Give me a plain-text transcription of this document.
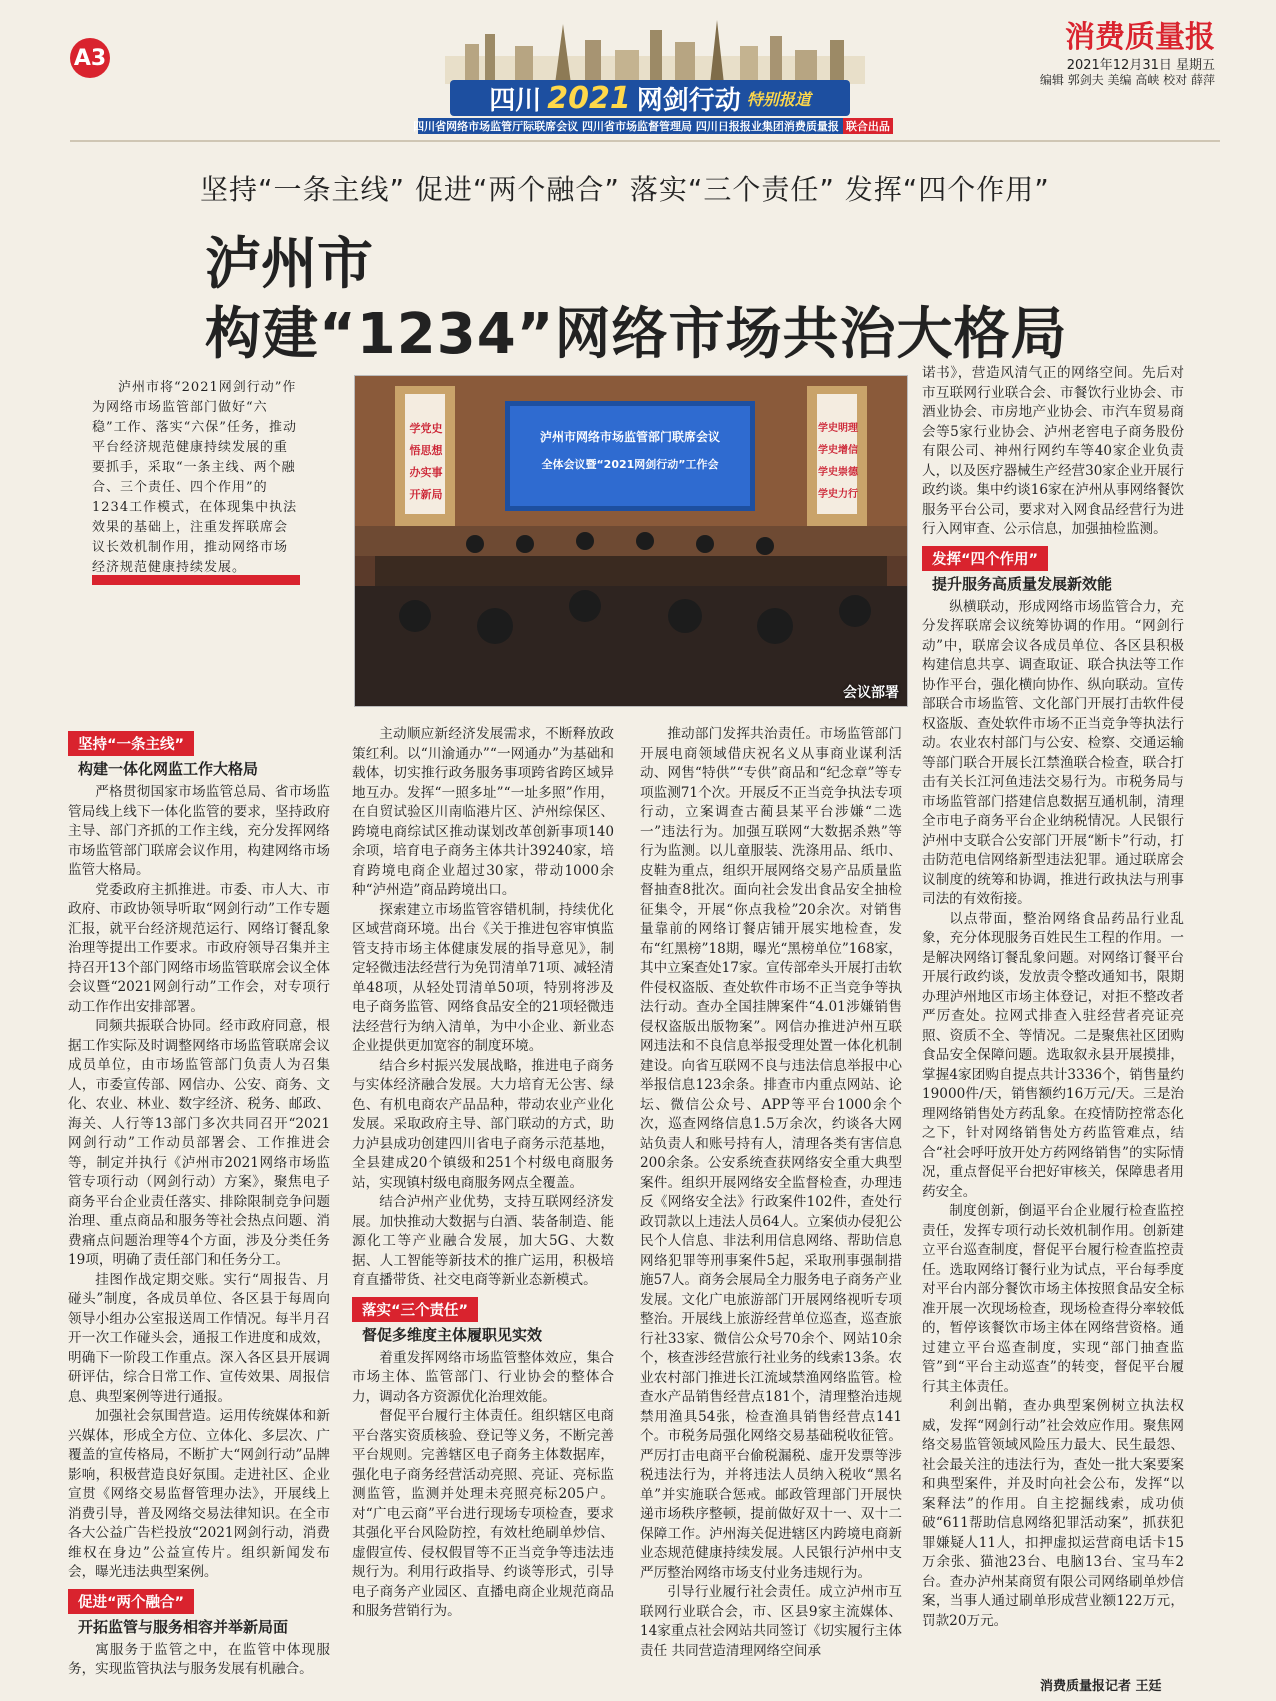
A3
四川 2021 网剑行动 特别报道
四川省网络市场监管厅际联席会议 四川省市场监督管理局 四川日报报业集团消费质量报 联合出品
消费质量报
2021年12月31日 星期五
编辑 郭剑夫 美编 高峡 校对 薛萍
坚持“一条主线” 促进“两个融合” 落实“三个责任” 发挥“四个作用”
泸州市
构建“1234”网络市场共治大格局
泸州市将“2021网剑行动”作为网络市场监管部门做好“六稳”工作、落实“六保”任务，推动平台经济规范健康持续发展的重要抓手，采取“一条主线、两个融合、三个责任、四个作用”的1234工作模式，在体现集中执法效果的基础上，注重发挥联席会议长效机制作用，推动网络市场经济规范健康持续发展。
泸州市网络市场监管部门联席会议
全体会议暨“2021网剑行动”工作会
学党史
悟思想
办实事
开新局
学史明理
学史增信
学史崇德
学史力行
会议部署
坚持“一条主线”
构建一体化网监工作大格局

严格贯彻国家市场监管总局、省市场监管局线上线下一体化监管的要求，坚持政府主导、部门齐抓的工作主线，充分发挥网络市场监管部门联席会议作用，构建网络市场监管大格局。

党委政府主抓推进。市委、市人大、市政府、市政协领导听取“网剑行动”工作专题汇报，就平台经济规范运行、网络订餐乱象治理等提出工作要求。市政府领导召集并主持召开13个部门网络市场监管联席会议全体会议暨“2021网剑行动”工作会，对专项行动工作作出安排部署。

同频共振联合协同。经市政府同意，根据工作实际及时调整网络市场监管联席会议成员单位，由市场监管部门负责人为召集人，市委宣传部、网信办、公安、商务、文化、农业、林业、数字经济、税务、邮政、海关、人行等13部门多次共同召开“2021网剑行动”工作动员部署会、工作推进会等，制定并执行《泸州市2021网络市场监管专项行动（网剑行动）方案》，聚焦电子商务平台企业责任落实、排除限制竞争问题治理、重点商品和服务等社会热点问题、消费痛点问题治理等4个方面，涉及分类任务19项，明确了责任部门和任务分工。

挂图作战定期交账。实行“周报告、月碰头”制度，各成员单位、各区县于每周向领导小组办公室报送周工作情况。每半月召开一次工作碰头会，通报工作进度和成效，明确下一阶段工作重点。深入各区县开展调研评估，综合日常工作、宣传效果、周报信息、典型案例等进行通报。

加强社会氛围营造。运用传统媒体和新兴媒体，形成全方位、立体化、多层次、广覆盖的宣传格局，不断扩大“网剑行动”品牌影响，积极营造良好氛围。走进社区、企业宣贯《网络交易监督管理办法》，开展线上消费引导，普及网络交易法律知识。在全市各大公益广告栏投放“2021网剑行动，消费维权在身边”公益宣传片。组织新闻发布会，曝光违法典型案例。

促进“两个融合”
开拓监管与服务相容并举新局面

寓服务于监管之中，在监管中体现服务，实现监管执法与服务发展有机融合。

主动顺应新经济发展需求，不断释放政策红利。以“川渝通办”“一网通办”为基础和载体，切实推行政务服务事项跨省跨区域异地互办。发挥“一照多址”“一址多照”作用，在自贸试验区川南临港片区、泸州综保区、跨境电商综试区推动谋划改革创新事项140余项，培育电子商务主体共计39240家，培育跨境电商企业超过30家，带动1000余种“泸州造”商品跨境出口。

探索建立市场监管容错机制，持续优化区域营商环境。出台《关于推进包容审慎监管支持市场主体健康发展的指导意见》，制定轻微违法经营行为免罚清单71项、减轻清单48项，从轻处罚清单50项，特别将涉及电子商务监管、网络食品安全的21项轻微违法经营行为纳入清单，为中小企业、新业态企业提供更加宽容的制度环境。

结合乡村振兴发展战略，推进电子商务与实体经济融合发展。大力培育无公害、绿色、有机电商农产品品种，带动农业产业化发展。采取政府主导、部门联动的方式，助力泸县成功创建四川省电子商务示范基地，全县建成20个镇级和251个村级电商服务站，实现镇村级电商服务网点全覆盖。

结合泸州产业优势，支持互联网经济发展。加快推动大数据与白酒、装备制造、能源化工等产业融合发展，加大5G、大数据、人工智能等新技术的推广运用，积极培育直播带货、社交电商等新业态新模式。

落实“三个责任”
督促多维度主体履职见实效

着重发挥网络市场监管整体效应，集合市场主体、监管部门、行业协会的整体合力，调动各方资源优化治理效能。

督促平台履行主体责任。组织辖区电商平台落实资质核验、登记等义务，不断完善平台规则。完善辖区电子商务主体数据库，强化电子商务经营活动亮照、亮证、亮标监测监管，监测并处理未亮照亮标205户。对“广电云商”平台进行现场专项检查，要求其强化平台风险防控，有效杜绝刷单炒信、虚假宣传、侵权假冒等不正当竞争等违法违规行为。利用行政指导、约谈等形式，引导电子商务产业园区、直播电商企业规范商品和服务营销行为。

推动部门发挥共治责任。市场监管部门开展电商领域借庆祝名义从事商业谋利活动、网售“特供”“专供”商品和“纪念章”等专项监测71个次。开展反不正当竞争执法专项行动，立案调查古蔺县某平台涉嫌“二选一”违法行为。加强互联网“大数据杀熟”等行为监测。以儿童服装、洗涤用品、纸巾、皮鞋为重点，组织开展网络交易产品质量监督抽查8批次。面向社会发出食品安全抽检征集令，开展“你点我检”20余次。对销售量靠前的网络订餐店铺开展实地检查，发布“红黑榜”18期，曝光“黑榜单位”168家，其中立案查处17家。宣传部牵头开展打击软件侵权盗版、查处软件市场不正当竞争等执法行动。查办全国挂牌案件“4.01涉嫌销售侵权盗版出版物案”。网信办推进泸州互联网违法和不良信息举报受理处置一体化机制建设。向省互联网不良与违法信息举报中心举报信息123余条。排查市内重点网站、论坛、微信公众号、APP等平台1000余个次，巡查网络信息1.5万余次，约谈各大网站负责人和账号持有人，清理各类有害信息200余条。公安系统查获网络安全重大典型案件。组织开展网络安全监督检查，办理违反《网络安全法》行政案件102件，查处行政罚款以上违法人员64人。立案侦办侵犯公民个人信息、非法利用信息网络、帮助信息网络犯罪等刑事案件5起，采取刑事强制措施57人。商务会展局全力服务电子商务产业发展。文化广电旅游部门开展网络视听专项整治。开展线上旅游经营单位巡查，巡查旅行社33家、微信公众号70余个、网站10余个，核查涉经营旅行社业务的线索13条。农业农村部门推进长江流域禁渔网络监管。检查水产品销售经营点181个，清理整治违规禁用渔具54张，检查渔具销售经营点141个。市税务局强化网络交易基础税收征管。严厉打击电商平台偷税漏税、虚开发票等涉税违法行为，并将违法人员纳入税收“黑名单”并实施联合惩戒。邮政管理部门开展快递市场秩序整顿，提前做好双十一、双十二保障工作。泸州海关促进辖区内跨境电商新业态规范健康持续发展。人民银行泸州中支严厉整治网络市场支付业务违规行为。

引导行业履行社会责任。成立泸州市互联网行业联合会，市、区县9家主流媒体、14家重点社会网站共同签订《切实履行主体责任 共同营造清理网络空间承

诺书》，营造风清气正的网络空间。先后对市互联网行业联合会、市餐饮行业协会、市酒业协会、市房地产业协会、市汽车贸易商会等5家行业协会、泸州老窖电子商务股份有限公司、神州行网约车等40家企业负责人，以及医疗器械生产经营30家企业开展行政约谈。集中约谈16家在泸州从事网络餐饮服务平台公司，要求对入网食品经营行为进行入网审查、公示信息，加强抽检监测。

发挥“四个作用”
提升服务高质量发展新效能

纵横联动，形成网络市场监管合力，充分发挥联席会议统筹协调的作用。“网剑行动”中，联席会议各成员单位、各区县积极构建信息共享、调查取证、联合执法等工作协作平台，强化横向协作、纵向联动。宣传部联合市场监管、文化部门开展打击软件侵权盗版、查处软件市场不正当竞争等执法行动。农业农村部门与公安、检察、交通运输等部门联合开展长江禁渔联合检查，联合打击有关长江河鱼违法交易行为。市税务局与市场监管部门搭建信息数据互通机制，清理全市电子商务平台企业纳税情况。人民银行泸州中支联合公安部门开展“断卡”行动，打击防范电信网络新型违法犯罪。通过联席会议制度的统筹和协调，推进行政执法与刑事司法的有效衔接。

以点带面，整治网络食品药品行业乱象，充分体现服务百姓民生工程的作用。一是解决网络订餐乱象问题。对网络订餐平台开展行政约谈，发放责令整改通知书，限期办理泸州地区市场主体登记，对拒不整改者严厉查处。拉网式排查入驻经营者亮证亮照、资质不全、等情况。二是聚焦社区团购食品安全保障问题。选取叙永县开展摸排，掌握4家团购自提点共计3336个，销售量约19000件/天，销售额约16万元/天。三是治理网络销售处方药乱象。在疫情防控常态化之下，针对网络销售处方药监管难点，结合“社会呼吁放开处方药网络销售”的实际情况，重点督促平台把好审核关，保障患者用药安全。

制度创新，倒逼平台企业履行检查监控责任，发挥专项行动长效机制作用。创新建立平台巡查制度，督促平台履行检查监控责任。选取网络订餐行业为试点，平台每季度对平台内部分餐饮市场主体按照食品安全标准开展一次现场检查，现场检查得分率较低的，暂停该餐饮市场主体在网络营资格。通过建立平台巡查制度，实现“部门抽查监管”到“平台主动巡查”的转变，督促平台履行其主体责任。

利剑出鞘，查办典型案例树立执法权威，发挥“网剑行动”社会效应作用。聚焦网络交易监管领域风险压力最大、民生最怨、社会最关注的违法行为，查处一批大案要案和典型案件，并及时向社会公布，发挥“以案释法”的作用。自主挖掘线索，成功侦破“611帮助信息网络犯罪活动案”，抓获犯罪嫌疑人11人，扣押虚拟运营商电话卡15万余张、猫池23台、电脑13台、宝马车2台。查办泸州某商贸有限公司网络刷单炒信案，当事人通过刷单形成营业额122万元，罚款20万元。

消费质量报记者 王廷
